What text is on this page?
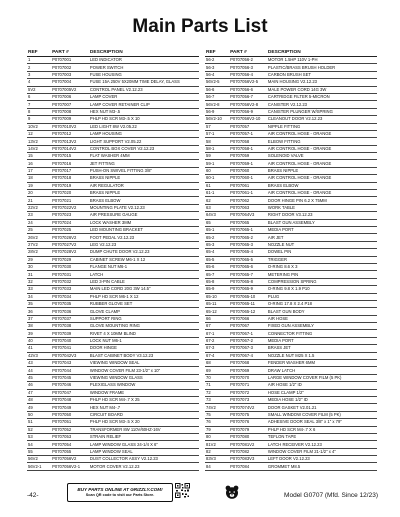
Main Parts List
REF	PART #	DESCRIPTION
1	P0707001	LED INDICATOR
2	P0707002	POWER SWITCH
3	P0707003	FUSE HOUSING
4	P0707004	FUSE 15A 250V 5X20MM TIME DELAY, GLASS
5V2	P0707005V2	CONTROL PANEL V2.12.23
6	P0707006	LAMP COVER
7	P0707007	LAMP COVER RETAINER CLIP
8	P0707008	HEX NUT M3-.5
9	P0707009	PHLP HD SCR M3-.5 X 10
10V2	P0707010V2	LED LIGHT 8W V2.05.22
12	P0707012	LAMP HOUSING
13V2	P0707013V2	LIGHT SUPPORT V2.05.22
14V2	P0707014V2	CONTROL BOX COVER V2.12.23
15	P0707015	FLAT WASHER 4MM
16	P0707016	JET FITTING
17	P0707017	PUSH-ON SWIVEL FITTING 3/8"
18	P0707018	BRASS NIPPLE
19	P0707019	AIR REGULATOR
20	P0707020	BRASS NIPPLE
21	P0707021	BRASS ELBOW
22V2	P0707022V2	MOUNTING PLATE V2.12.23
23	P0707023	AIR PRESSURE GAUGE
24	P0707024	LOCK WASHER 3MM
25	P0707025	LED MOUNTING BRACKET
26V2	P0707026V2	FOOT PEDAL V2.12.23
27V2	P0707027V2	LEG V2.12.23
28V2	P0707028V2	DUMP CHUTE DOOR V2.12.23
29	P0707029	CABINET SCREW M6-1 X 12
30	P0707030	FLANGE NUT M6-1
31	P0707031	LATCH
32	P0707032	LED 3-PIN CABLE
33	P0707033	MAIN LED CORD 20G 3W 14.5"
34	P0707034	PHLP HD SCR M6-1 X 12
35	P0707035	RUBBER GLOVE SET
36	P0707036	GLOVE CLAMP
37	P0707037	SUPPORT RING
38	P0707038	GLOVE MOUNTING RING
39	P0707039	RIVET 4 X 10MM BLIND
40	P0707040	LOCK NUT M6-1
41	P0707041	DOOR HINGE
42V3	P0707042V3	BLAST CABINET BODY V3.12.23
43	P0707043	VIEWING WINDOW SEAL
44	P0707044	WINDOW COVER FILM 23-1/2" x 10"
45	P0707045	VIEWING WINDOW GLASS
46	P0707046	PLEXIGLASS WINDOW
47	P0707047	WINDOW FRAME
48	P0707048	PHLP HD SCR M4-.7 X 25
49	P0707049	HEX NUT M4-.7
50	P0707050	CIRCUIT BOARD
51	P0707051	PHLP HD SCR M3-.5 X 20
52	P0707052	TRANSFORMER 8W 110V/60HZ-16V
53	P0707053	STRAIN RELIEF
54	P0707054	LAMP WINDOW GLASS 24-1/4 X 6"
55	P0707055	LAMP WINDOW SEAL
56V2	P0707056V2	DUST COLLECTOR ASSY V2.12.23
56V2-1	P0707056V2-1	MOTOR COVER V2.12.23
REF	PART #	DESCRIPTION
56-2	P0707056-2	MOTOR 1.5HP 110V 1-PH
56-3	P0707056-3	PLASTIC/BRASS BRUSH HOLDER
56-4	P0707056-4	CARBON BRUSH SET
56V2-5	P0707056V2-5	MAIN HOUSING V2.12.23
56-6	P0707056-6	MALE POWER CORD 14G 3W
56-7	P0707056-7	CARTRIDGE FILTER 5-MICRON
56V2-8	P0707056V2-8	CANISTER V2.12.23
56-9	P0707056-9	CANISTER PLUNGER W/SPRING
56V2-10	P0707056V2-10	CLEANOUT DOOR V2.12.23
57	P0707057	NIPPLE FITTING
57-1	P0707057-1	AIR CONTROL HOSE - ORANGE
58	P0707058	ELBOW FITTING
58-1	P0707058-1	AIR CONTROL HOSE - ORANGE
59	P0707059	SOLENOID VALVE
59-1	P0707059-1	AIR CONTROL HOSE - ORANGE
60	P0707060	BRASS NIPPLE
60-1	P0707060-1	AIR CONTROL HOSE - ORANGE
61	P0707061	BRASS ELBOW
61-1	P0707061-1	AIR CONTROL HOSE - ORANGE
62	P0707062	DOOR HINGE PIN 6.2 X 75MM
63	P0707063	WORK TABLE
64V3	P0707064V3	RIGHT DOOR V3.12.23
65	P0707065	BLAST GUN ASSEMBLY
65-1	P0707065-1	MEDIA PORT
65-2	P0707065-2	AIR JET
65-3	P0707065-3	NOZZLE NUT
65-4	P0707065-4	DOWEL PIN
65-5	P0707065-5	TRIGGER
65-6	P0707065-6	O-RING 8.6 X 3
65-7	P0707065-7	METERING PIN
65-8	P0707065-8	COMPRESSION SPRING
65-9	P0707065-9	O-RING 9.8 X 1.9 P10
65-10	P0707065-10	PLUG
65-11	P0707065-11	O-RING 17.8 X 2.4 P18
65-12	P0707065-12	BLAST GUN BODY
66	P0707066	AIR HOSE
67	P0707067	FIXED GUN ASSEMBLY
67-1	P0707067-1	CONNECTOR FITTING
67-2	P0707067-2	MEDIA PORT
67-3	P0707067-3	BRASS JET
67-4	P0707067-4	NOZZLE NUT M25 X 1.5
68	P0707068	FENDER WASHER 6MM
69	P0707069	DRAW LATCH
70	P0707070	LARGE WINDOW COVER FILM (5 PK)
71	P0707071	AIR HOSE 1/2" ID
72	P0707072	HOSE CLAMP 1/2"
73	P0707073	MEDIA HOSE 1/2" ID
74V2	P0707074V2	DOOR GASKET V2.01.21
75	P0707075	SMALL WINDOW COVER FILM (5 PK)
76	P0707076	ADHESIVE DOOR SEAL 3/8" x 1" x 79"
79	P0707079	PHLP HD SCR M4-.7 X 6
80	P0707080	TEFLON TAPE
81V2	P0707081V2	LATCH RECEIVER V2.12.23
82	P0707082	WINDOW COVER FILM 21-1/2" x 4"
83V3	P0707083V3	LEFT DOOR V2.12.23
84	P0707084	GROMMET M8.5
-42-
BUY PARTS ONLINE AT GRIZZLY.COM!
Scan QR code to visit our Parts Store.	Model G0707 (Mfd. Since 12/23)
